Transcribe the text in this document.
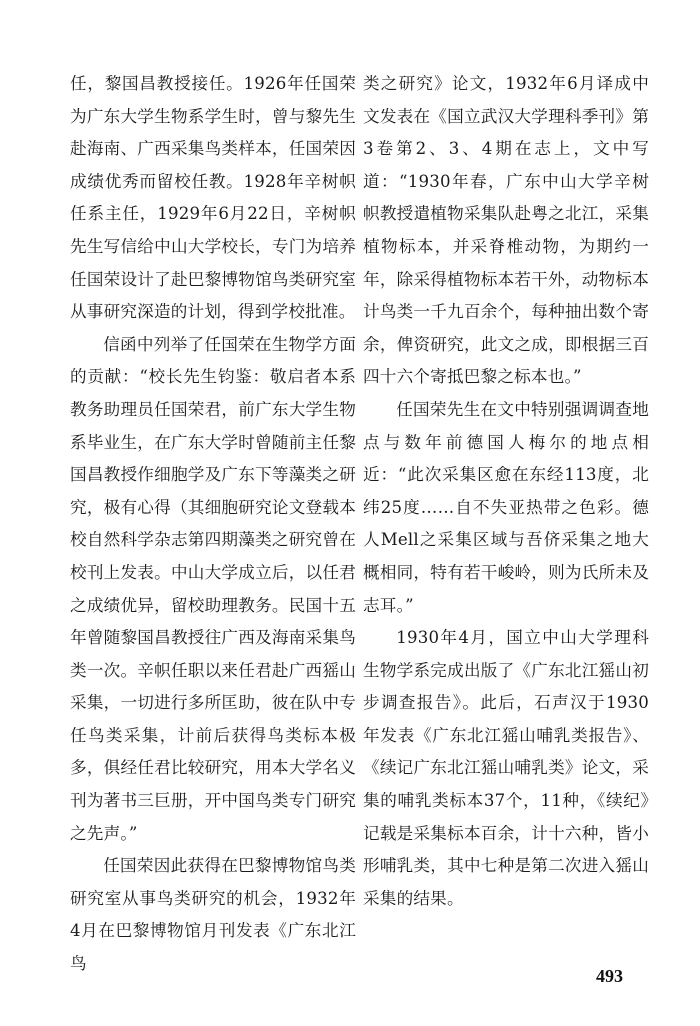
任，黎国昌教授接任。1926年任国荣为广东大学生物系学生时，曾与黎先生赴海南、广西采集鸟类样本，任国荣因成绩优秀而留校任教。1928年辛树帜任系主任，1929年6月22日，辛树帜先生写信给中山大学校长，专门为培养任国荣设计了赴巴黎博物馆鸟类研究室从事研究深造的计划，得到学校批准。

信函中列举了任国荣在生物学方面的贡献：“校长先生钧鉴：敬启者本系教务助理员任国荣君，前广东大学生物系毕业生，在广东大学时曾随前主任黎国昌教授作细胞学及广东下等藻类之研究，极有心得（其细胞研究论文登载本校自然科学杂志第四期藻类之研究曾在校刊上发表。中山大学成立后，以任君之成绩优异，留校助理教务。民国十五年曾随黎国昌教授往广西及海南采集鸟类一次。辛帜任职以来任君赴广西猺山采集，一切进行多所匡助，彼在队中专任鸟类采集，计前后获得鸟类标本极多，俱经任君比较研究，用本大学名义刊为著书三巨册，开中国鸟类专门研究之先声。”

任国荣因此获得在巴黎博物馆鸟类研究室从事鸟类研究的机会，1932年4月在巴黎博物馆月刊发表《广东北江鸟

类之研究》论文，1932年6月译成中文发表在《国立武汉大学理科季刊》第3卷第2、3、4期在志上，文中写道：“1930年春，广东中山大学辛树帜教授遣植物采集队赴粤之北江，采集植物标本，并采脊椎动物，为期约一年，除采得植物标本若干外，动物标本计鸟类一千九百余个，每种抽出数个寄余，俾资研究，此文之成，即根据三百四十六个寄抵巴黎之标本也。”

任国荣先生在文中特别强调调查地点与数年前德国人梅尔的地点相近：“此次采集区愈在东经113度，北纬25度……自不失亚热带之色彩。德人Mell之采集区域与吾侪采集之地大概相同，特有若干峻岭，则为氏所未及志耳。”

1930年4月，国立中山大学理科生物学系完成出版了《广东北江猺山初步调查报告》。此后，石声汉于1930年发表《广东北江猺山哺乳类报告》、《续记广东北江猺山哺乳类》论文，采集的哺乳类标本37个，11种，《续纪》记载是采集标本百余，计十六种，皆小形哺乳类，其中七种是第二次进入猺山采集的结果。

493
